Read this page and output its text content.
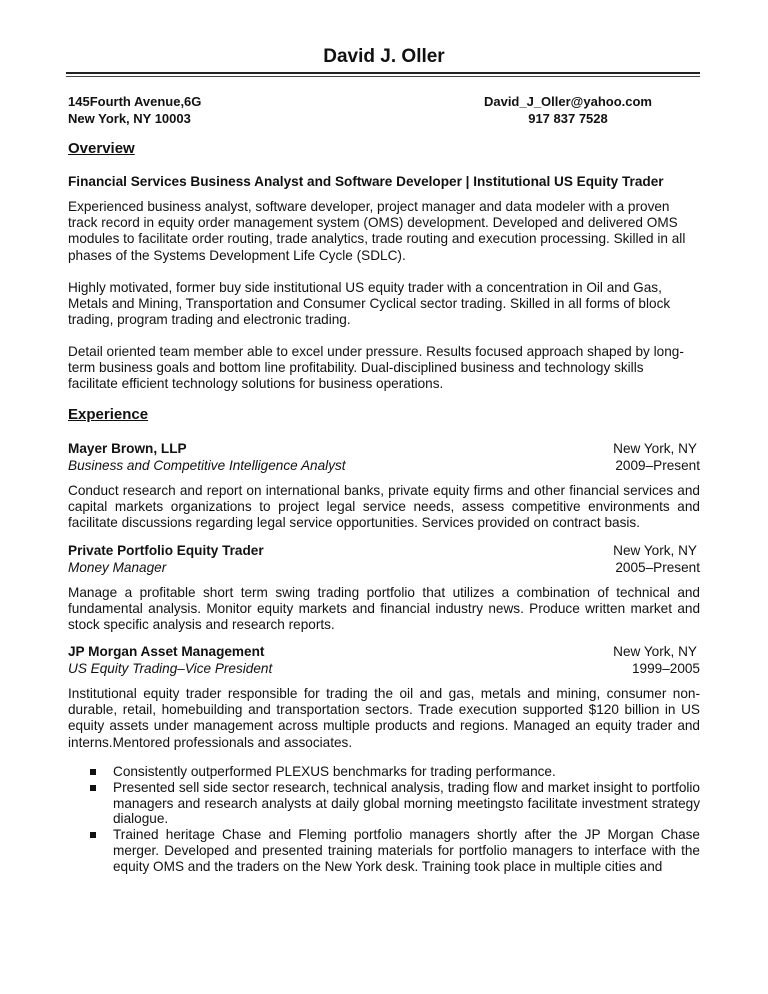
David J. Oller
145Fourth Avenue,6G
New York, NY 10003
David_J_Oller@yahoo.com
917 837 7528
Overview
Financial Services Business Analyst and Software Developer | Institutional US Equity Trader
Experienced business analyst, software developer, project manager and data modeler with a proven
track record in equity order management system (OMS) development. Developed and delivered OMS
modules to facilitate order routing, trade analytics, trade routing and execution processing. Skilled in all
phases of the Systems Development Life Cycle (SDLC).
Highly motivated, former buy side institutional US equity trader with a concentration in Oil and Gas,
Metals and Mining, Transportation and Consumer Cyclical sector trading. Skilled in all forms of block
trading, program trading and electronic trading.
Detail oriented team member able to excel under pressure. Results focused approach shaped by long-
term business goals and bottom line profitability. Dual-disciplined business and technology skills
facilitate efficient technology solutions for business operations.
Experience
Mayer Brown, LLP	New York, NY
Business and Competitive Intelligence Analyst	2009–Present
Conduct research and report on international banks, private equity firms and other financial services and capital markets organizations to project legal service needs, assess competitive environments and facilitate discussions regarding legal service opportunities. Services provided on contract basis.
Private Portfolio Equity Trader	New York, NY
Money Manager	2005–Present
Manage a profitable short term swing trading portfolio that utilizes a combination of technical and fundamental analysis. Monitor equity markets and financial industry news. Produce written market and stock specific analysis and research reports.
JP Morgan Asset Management	New York, NY
US Equity Trading–Vice President	1999–2005
Institutional equity trader responsible for trading the oil and gas, metals and mining, consumer non-durable, retail, homebuilding and transportation sectors. Trade execution supported $120 billion in US equity assets under management across multiple products and regions. Managed an equity trader and interns.Mentored professionals and associates.
Consistently outperformed PLEXUS benchmarks for trading performance.
Presented sell side sector research, technical analysis, trading flow and market insight to portfolio managers and research analysts at daily global morning meetingsto facilitate investment strategy dialogue.
Trained heritage Chase and Fleming portfolio managers shortly after the JP Morgan Chase merger. Developed and presented training materials for portfolio managers to interface with the equity OMS and the traders on the New York desk. Training took place in multiple cities and
